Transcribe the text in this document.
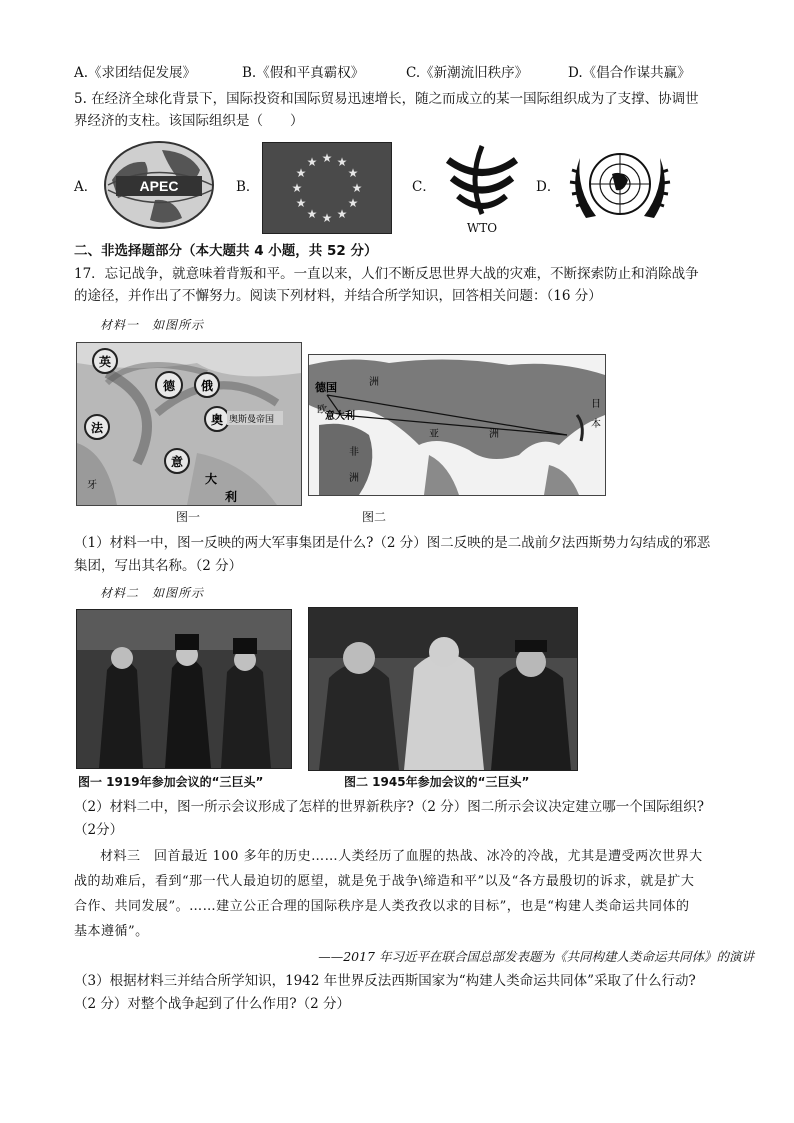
A.《求团结促发展》	B.《假和平真霸权》	C.《新潮流旧秩序》	D.《倡合作谋共赢》
5. 在经济全球化背景下，国际投资和国际贸易迅速增长，随之而成立的某一国际组织成为了支撑、协调世
界经济的支柱。该国际组织是（　　）
A．	APEC	B．
★ ★
★
★
★
★
★
★
★
★
★
★
C．
WTO
D．
二、非选择题部分（本大题共 4 小题，共 52 分）
17．忘记战争，就意味着背叛和平。一直以来，人们不断反思世界大战的灾难，不断探索防止和消除战争
的途径，并作出了不懈努力。阅读下列材料，并结合所学知识，回答相关问题：（16 分）
材料一　如图所示
英
德 俄
奥
法
意
大
利
奥斯曼帝国
牙
德国
欧
意大利
洲
亚	洲
非
洲
日
本
图一	图二
（1）材料一中，图一反映的两大军事集团是什么?（2 分）图二反映的是二战前夕法西斯势力勾结成的邪恶
集团，写出其名称。（2 分）
材料二　如图所示
图一 1919年参加会议的“三巨头”	图二 1945年参加会议的“三巨头”
（2）材料二中，图一所示会议形成了怎样的世界新秩序?（2 分）图二所示会议决定建立哪一个国际组织?
（2分）
材料三　回首最近 100 多年的历史……人类经历了血腥的热战、冰冷的冷战，尤其是遭受两次世界大
战的劫难后，看到“那一代人最迫切的愿望，就是免于战争\缔造和平”以及“各方最殷切的诉求，就是扩大
合作、共同发展”。……建立公正合理的国际秩序是人类孜孜以求的目标”，也是“构建人类命运共同体的
基本遵循”。
——2017 年习近平在联合国总部发表题为《共同构建人类命运共同体》的演讲
（3）根据材料三并结合所学知识，1942 年世界反法西斯国家为“构建人类命运共同体”采取了什么行动?
（2 分）对整个战争起到了什么作用?（2 分）
